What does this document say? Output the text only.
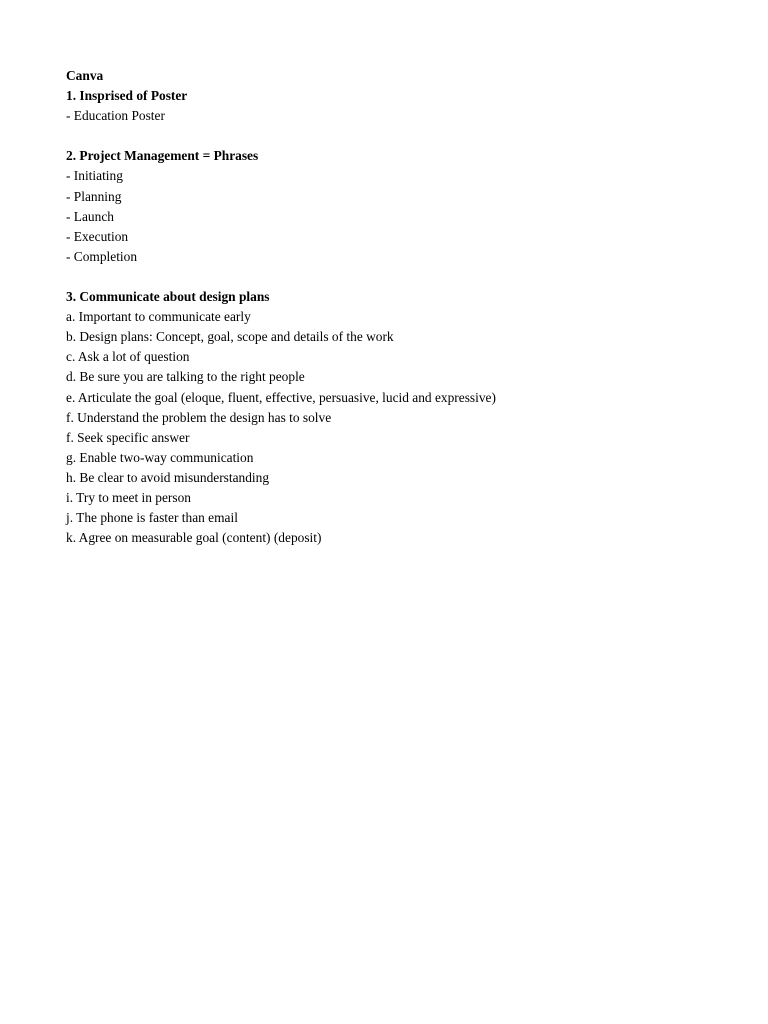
Canva
1. Insprised of Poster
- Education Poster
2. Project Management = Phrases
- Initiating
- Planning
- Launch
- Execution
- Completion
3. Communicate about design plans
a. Important to communicate early
b. Design plans: Concept, goal, scope and details of the work
c. Ask a lot of question
d. Be sure you are talking to the right people
e. Articulate the goal (eloque, fluent, effective, persuasive, lucid and expressive)
f. Understand the problem the design has to solve
f. Seek specific answer
g. Enable two-way communication
h. Be clear to avoid misunderstanding
i. Try to meet in person
j. The phone is faster than email
k. Agree on measurable goal (content) (deposit)
